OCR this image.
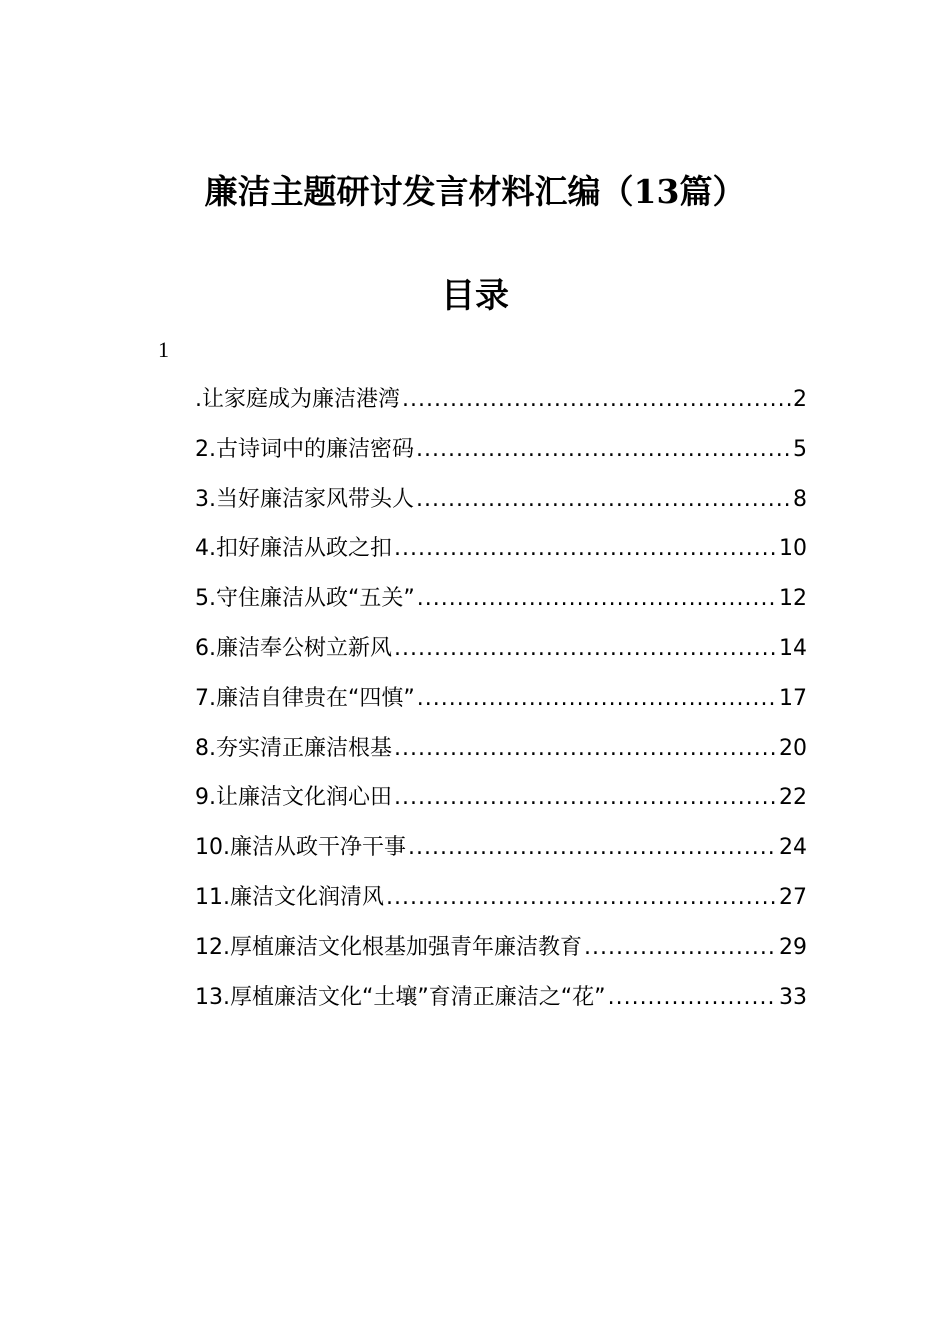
廉洁主题研讨发言材料汇编（13篇）
目录
1
.让家庭成为廉洁港湾 .....	2
2.古诗词中的廉洁密码 .....	5
3.当好廉洁家风带头人 .....	8
4.扣好廉洁从政之扣 .....	10
5.守住廉洁从政“五关” .....	12
6.廉洁奉公树立新风 .....	14
7.廉洁自律贵在“四慎” .....	17
8.夯实清正廉洁根基 .....	20
9.让廉洁文化润心田 .....	22
10.廉洁从政干净干事 .....	24
11.廉洁文化润清风 .....	27
12.厚植廉洁文化根基加强青年廉洁教育 .....	29
13.厚植廉洁文化“土壤”育清正廉洁之“花” .....	33
